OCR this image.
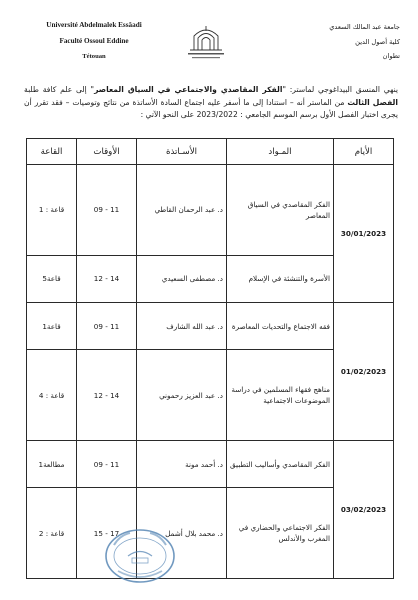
Université Abdelmalek Essâadi
Faculté Ossoul Eddine
Tétouan
جامعة عبد المالك السعدي
كلية أصول الدين
تطوان
ينهي المنسق البيداغوجي لماستر: "الفكر المقاصدي والاجتماعي في السياق المعاصر" إلى علم كافة طلبة الفصل الثالث من الماستر أنه – استنادا إلى ما أسفر عليه اجتماع السادة الأساتذة من نتائج وتوصيات – فقد تقرر أن يجرى اختبار الفصل الأول برسم الموسم الجامعي : 2023/2022 على النحو الآتي :
الأيام	المـواد	الأسـاتذة	الأوقات	القاعة
30/01/2023	الفكر المقاصدي في السياق المعاصر	د. عبد الرحمان القاطي	09 - 11	قاعة : 1
	الأسرة والتنشئة في الإسلام	د. مصطفى السعيدي	12 - 14	قاعة5
01/02/2023	فقه الاجتماع والتحديات المعاصرة	د. عبد الله الشارف	09 - 11	قاعة1
	مناهج فقهاء المسلمين في دراسة الموضوعات الاجتماعية	د. عبد العزيز رحموني	12 - 14	قاعة : 4
03/02/2023	الفكر المقاصدي وأساليب التطبيق	د. أحمد مونة	09 - 11	مطالعة1
	الفكر الاجتماعي والحضاري في المغرب والأندلس	د. محمد بلال أشمل	15 - 17	قاعة : 2
